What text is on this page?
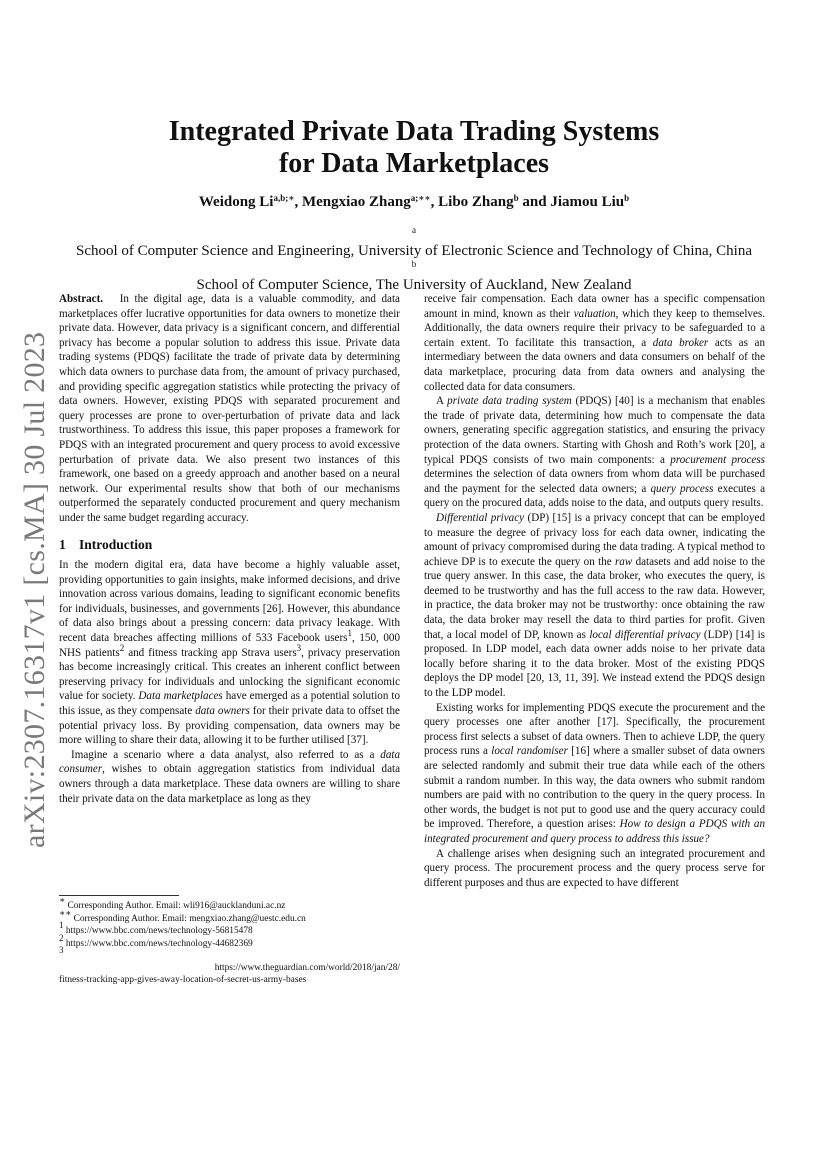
arXiv:2307.16317v1 [cs.MA] 30 Jul 2023
Integrated Private Data Trading Systems
for Data Marketplaces
Weidong $Li^{a,b;∗}$, Mengxiao Zhang$^{a;∗∗}$, Libo Zhang$^b$ and Jiamou Liu$^b$
$^a$
School of Computer Science and Engineering, University of Electronic Science and Technology of China, China
$^b$
School of Computer Science, The University of Auckland, New Zealand

Abstract. In the digital age, data is a valuable commodity, and data marketplaces offer lucrative opportunities for data owners to monetize their private data. However, data privacy is a significant concern, and differential privacy has become a popular solution to address this issue. Private data trading systems (PDQS) facilitate the trade of private data by determining which data owners to purchase data from, the amount of privacy purchased, and providing specific aggregation statistics while protecting the privacy of data owners. However, existing PDQS with separated procurement and query processes are prone to over-perturbation of private data and lack trustworthiness. To address this issue, this paper proposes a framework for PDQS with an integrated procurement and query process to avoid excessive perturbation of private data. We also present two instances of this framework, one based on a greedy approach and another based on a neural network. Our experimental results show that both of our mechanisms outperformed the separately conducted procurement and query mechanism under the same budget regarding accuracy.

1 Introduction

In the modern digital era, data have become a highly valuable asset, providing opportunities to gain insights, make informed decisions, and drive innovation across various domains, leading to significant economic benefits for individuals, businesses, and governments [26]. However, this abundance of data also brings about a pressing concern: data privacy leakage. With recent data breaches affecting millions of 533 Facebook users$^1$, 150, 000 NHS patients$^2$ and fitness tracking app Strava users$^3$, privacy preservation has become increasingly critical. This creates an inherent conflict between preserving privacy for individuals and unlocking the significant economic value for society. Data marketplaces have emerged as a potential solution to this issue, as they compensate data owners for their private data to offset the potential privacy loss. By providing compensation, data owners may be more willing to share their data, allowing it to be further utilised [37].

Imagine a scenario where a data analyst, also referred to as a data consumer, wishes to obtain aggregation statistics from individual data owners through a data marketplace. These data owners are willing to share their private data on the data marketplace as long as they

∗ Corresponding Author. Email: wli916@aucklanduni.ac.nz
∗∗ Corresponding Author. Email: mengxiao.zhang@uestc.edu.cn
$^1$ https://www.bbc.com/news/technology-56815478
$^2$ https://www.bbc.com/news/technology-44682369
$^3$
https://www.theguardian.com/world/2018/jan/28/
fitness-tracking-app-gives-away-location-of-secret-us-army-bases

receive fair compensation. Each data owner has a specific compensation amount in mind, known as their valuation, which they keep to themselves. Additionally, the data owners require their privacy to be safeguarded to a certain extent. To facilitate this transaction, a data broker acts as an intermediary between the data owners and data consumers on behalf of the data marketplace, procuring data from data owners and analysing the collected data for data consumers.

A private data trading system (PDQS) [40] is a mechanism that enables the trade of private data, determining how much to compensate the data owners, generating specific aggregation statistics, and ensuring the privacy protection of the data owners. Starting with Ghosh and Roth’s work [20], a typical PDQS consists of two main components: a procurement process determines the selection of data owners from whom data will be purchased and the payment for the selected data owners; a query process executes a query on the procured data, adds noise to the data, and outputs query results.

Differential privacy (DP) [15] is a privacy concept that can be employed to measure the degree of privacy loss for each data owner, indicating the amount of privacy compromised during the data trading. A typical method to achieve DP is to execute the query on the raw datasets and add noise to the true query answer. In this case, the data broker, who executes the query, is deemed to be trustworthy and has the full access to the raw data. However, in practice, the data broker may not be trustworthy: once obtaining the raw data, the data broker may resell the data to third parties for profit. Given that, a local model of DP, known as local differential privacy (LDP) [14] is proposed. In LDP model, each data owner adds noise to her private data locally before sharing it to the data broker. Most of the existing PDQS deploys the DP model [20, 13, 11, 39]. We instead extend the PDQS design to the LDP model.

Existing works for implementing PDQS execute the procurement and the query processes one after another [17]. Specifically, the procurement process first selects a subset of data owners. Then to achieve LDP, the query process runs a local randomiser [16] where a smaller subset of data owners are selected randomly and submit their true data while each of the others submit a random number. In this way, the data owners who submit random numbers are paid with no contribution to the query in the query process. In other words, the budget is not put to good use and the query accuracy could be improved. Therefore, a question arises: How to design a PDQS with an integrated procurement and query process to address this issue?

A challenge arises when designing such an integrated procurement and query process. The procurement process and the query process serve for different purposes and thus are expected to have different
